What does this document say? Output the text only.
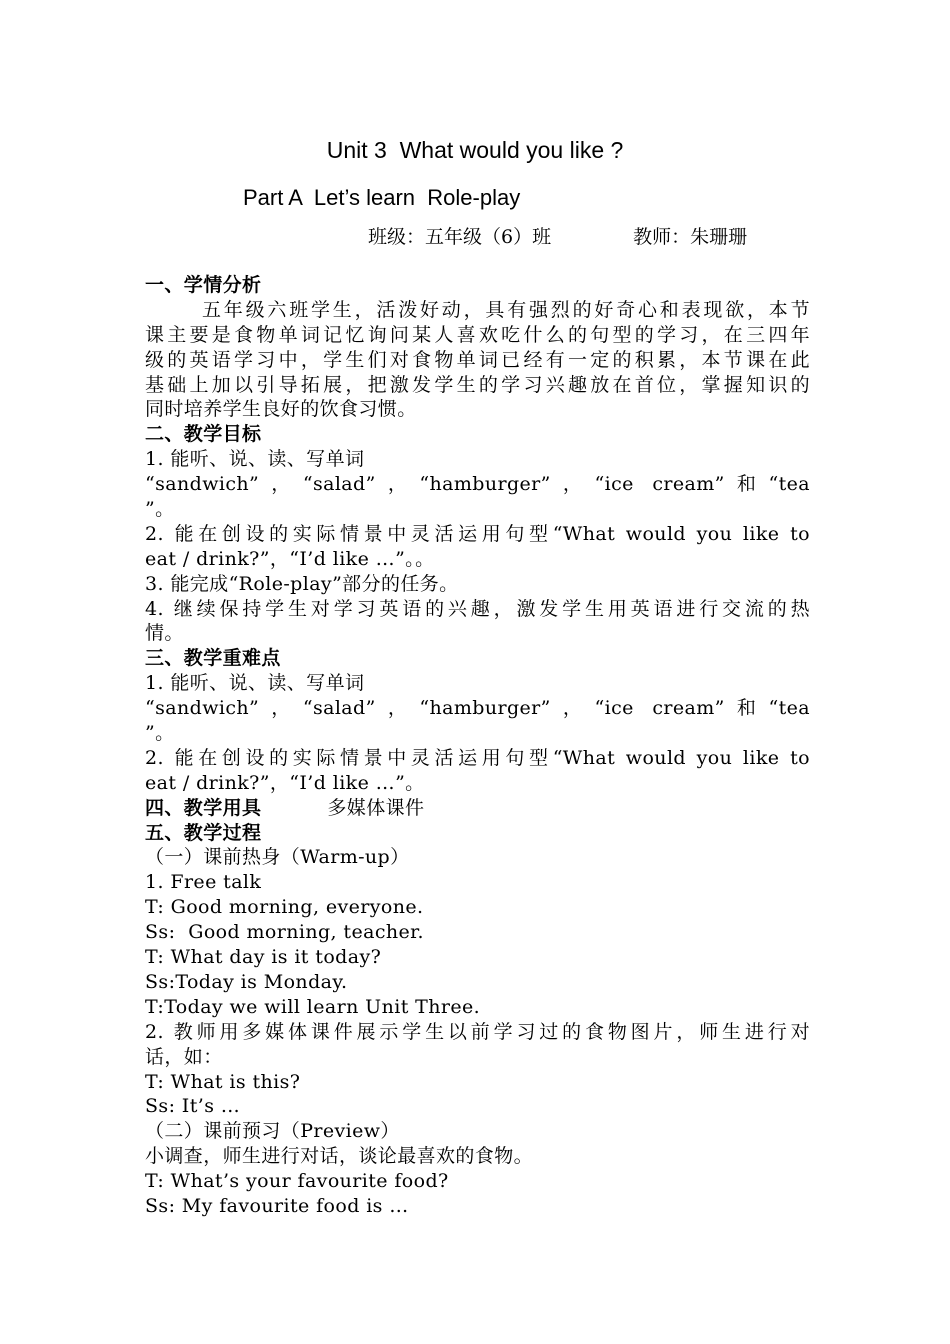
Unit 3  What would you like ?
Part A  Let’s learn  Role-play
班级：五年级（6）班	教师：朱珊珊
一、学情分析
五年级六班学生，活泼好动，具有强烈的好奇心和表现欲，本节
课主要是食物单词记忆询问某人喜欢吃什么的句型的学习，在三四年
级的英语学习中，学生们对食物单词已经有一定的积累，本节课在此
基础上加以引导拓展，把激发学生的学习兴趣放在首位，掌握知识的
同时培养学生良好的饮食习惯。
二、教学目标
1. 能听、说、读、写单词
“sandwich”，“salad”，“hamburger”，“ice cream”和“tea
”。
2. 能在创设的实际情景中灵活运用句型“What would you like to
eat / drink?”，“I’d like …”。。
3. 能完成“Role-play”部分的任务。
4. 继续保持学生对学习英语的兴趣，激发学生用英语进行交流的热
情。
三、教学重难点
1. 能听、说、读、写单词
“sandwich”，“salad”，“hamburger”，“ice cream”和“tea
”。
2. 能在创设的实际情景中灵活运用句型“What would you like to
eat / drink?”，“I’d like …”。
四、教学用具	多媒体课件
五、教学过程
（一）课前热身（Warm-up）
1. Free talk
T: Good morning, everyone.
Ss:  Good morning, teacher.
T: What day is it today?
Ss:Today is Monday.
T:Today we will learn Unit Three.
2. 教师用多媒体课件展示学生以前学习过的食物图片，师生进行对
话，如：
T: What is this?
Ss: It’s …
（二）课前预习（Preview）
小调查，师生进行对话，谈论最喜欢的食物。
T: What’s your favourite food?
Ss: My favourite food is …
